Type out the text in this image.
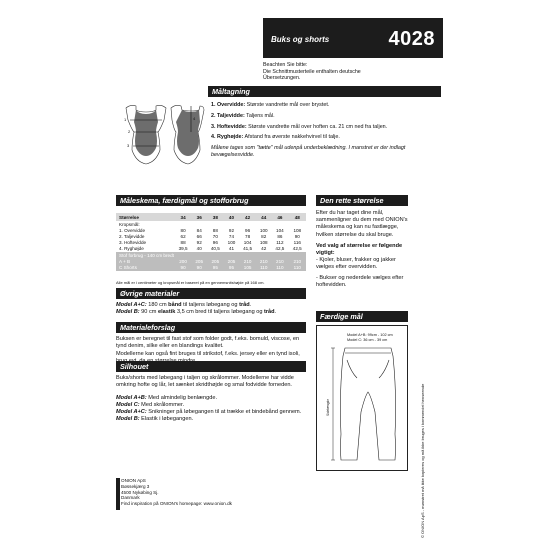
Buks og shorts	4028
Beachten Sie bitte:
Die Schnittmusterteile enthalten deutsche
Übersetzungen.
Måltagning
1
2
3
4
1. Overvidde: Største vandrette mål over brystet.
2. Taljevidde: Taljens mål.
3. Hoftevidde: Største vandrette mål over hoften ca. 21 cm ned fra taljen.
4. Ryghøjde: Afstand fra øverste nakkehvirvel til talje.
Målene tages som "tætte" mål udenpå underbeklædning. I manstret er der indlagt bevægelsesvidde.
Måleskema, færdigmål og stofforbrug
Størrelse	34	36	38	40	42	44	46	48
Kropsmål:								
1. Overvidde	80	84	88	92	96	100	104	108
2. Taljevidde	62	66	70	74	78	82	86	90
3. Hoftevidde	88	92	96	100	104	108	112	116
4. Ryghøjde	39,5	40	40,5	41	41,5	42	42,5	42,5
Stof forbrug - 140 cm bredt								
A + B	200	205	205	205	210	210	210	210
C Shorts	90	90	95	95	105	110	110	110
Alle mål er i centimeter og kropsmål er baseret på en gennemsnitshøjde på 168 cm.
Øvrige materialer
Model A+C: 180 cm bånd til taljens løbegang og tråd.
Model B: 90 cm elastik 3,5 cm bred til taljens løbegang og tråd.
Materialeforslag
Buksen er beregnet til fast stof som folder godt, f.eks. bomuld, viscose, en tynd denim, silke eller en blandings kvalitet.
Modellerne kan også fint bruges til strikstof, f.eks. jersey eller en tynd isoli,
Silhouet
Buks/shorts med løbegang i taljen og skrålommer. Modellerne har vidde omkring hofte og lår, let sænket skridthøjde og smal fodvidde forneden.
Model A+B: Med almindelig benlængde.
Model C: Med skrålommer.
Model A+C: Snikninger på løbegangen til at trække et bindebånd gennem. Model B: Elastik i løbegangen.
Den rette størrelse
Efter du har taget dine mål, sammenligner du dem med ONION's måleskema og kan nu fastlægge, hvilken størrelse du skal bruge.
Ved valg af størrelse er følgende vigtigt:
- Kjoler, bluser, frakker og jakker vælges efter overvidden.
- Bukser og nederdele vælges efter hoftevidden.
Færdige mål
Model A+B: 99cm - 102 cm
Model C: 36 cm - 39 cm
Sidelængde
ONION ApS
Bøssekjærg 3
4500 Nykøbing Sj.
Danmark
Find inspiration på ONION's homepage: www.onion.dk	© ONION ApS - mønstret må ikke kopieres og må ikke bruges i kommerciel henseende
